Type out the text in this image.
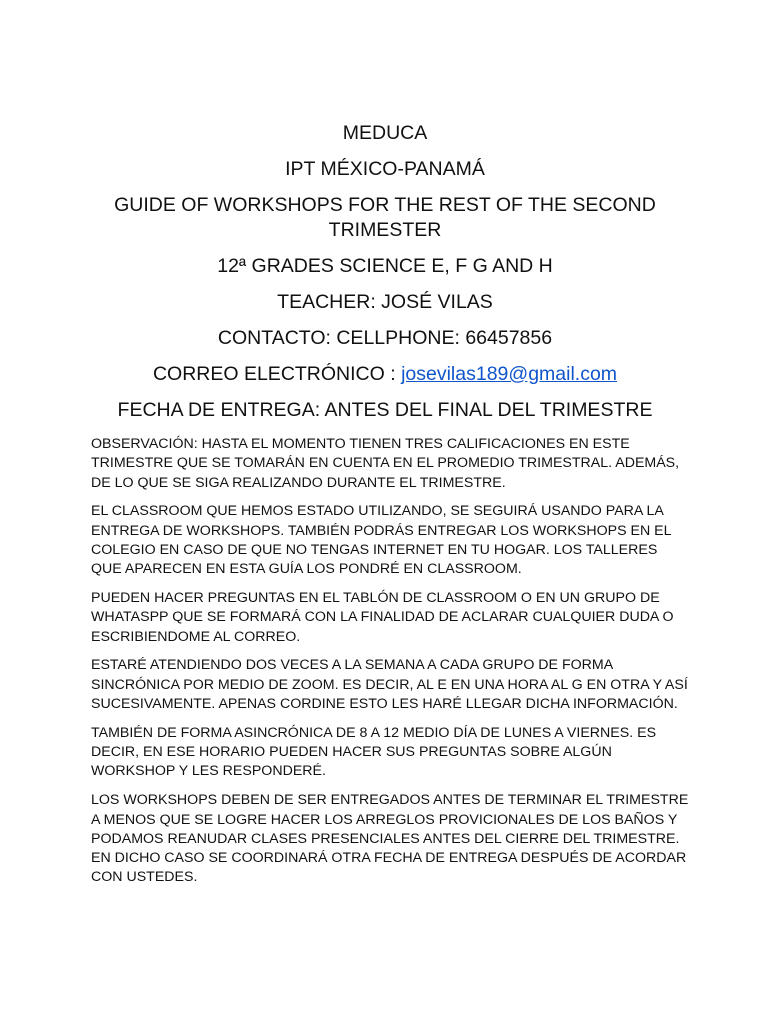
MEDUCA
IPT MÉXICO-PANAMÁ
GUIDE OF WORKSHOPS FOR THE REST OF THE SECOND TRIMESTER
12ª GRADES SCIENCE E, F G AND H
TEACHER: JOSÉ VILAS
CONTACTO: CELLPHONE: 66457856
CORREO ELECTRÓNICO : josevilas189@gmail.com
FECHA DE ENTREGA: ANTES DEL FINAL DEL TRIMESTRE

OBSERVACIÓN: HASTA EL MOMENTO TIENEN TRES CALIFICACIONES EN ESTE TRIMESTRE QUE SE TOMARÁN EN CUENTA EN EL PROMEDIO TRIMESTRAL. ADEMÁS, DE LO QUE SE SIGA REALIZANDO DURANTE EL TRIMESTRE.

EL CLASSROOM QUE HEMOS ESTADO UTILIZANDO, SE SEGUIRÁ USANDO PARA LA ENTREGA DE WORKSHOPS. TAMBIÉN PODRÁS ENTREGAR LOS WORKSHOPS EN EL COLEGIO EN CASO DE QUE NO TENGAS INTERNET EN TU HOGAR. LOS TALLERES QUE APARECEN EN ESTA GUÍA LOS PONDRÉ EN CLASSROOM.

PUEDEN HACER PREGUNTAS EN EL TABLÓN DE CLASSROOM O EN UN GRUPO DE WHATASPP QUE SE FORMARÁ CON LA FINALIDAD DE ACLARAR CUALQUIER DUDA O ESCRIBIENDOME AL CORREO.

ESTARÉ ATENDIENDO DOS VECES A LA SEMANA A CADA GRUPO DE FORMA SINCRÓNICA POR MEDIO DE ZOOM. ES DECIR, AL E EN UNA HORA AL G EN OTRA Y ASÍ SUCESIVAMENTE. APENAS CORDINE ESTO LES HARÉ LLEGAR DICHA INFORMACIÓN.

TAMBIÉN DE FORMA ASINCRÓNICA DE 8 A 12 MEDIO DÍA DE LUNES A VIERNES. ES DECIR, EN ESE HORARIO PUEDEN HACER SUS PREGUNTAS SOBRE ALGÚN WORKSHOP Y LES RESPONDERÉ.

LOS WORKSHOPS DEBEN DE SER ENTREGADOS ANTES DE TERMINAR EL TRIMESTRE A MENOS QUE SE LOGRE HACER LOS ARREGLOS PROVICIONALES DE LOS BAÑOS Y PODAMOS REANUDAR CLASES PRESENCIALES ANTES DEL CIERRE DEL TRIMESTRE. EN DICHO CASO SE COORDINARÁ OTRA FECHA DE ENTREGA DESPUÉS DE ACORDAR CON USTEDES.
